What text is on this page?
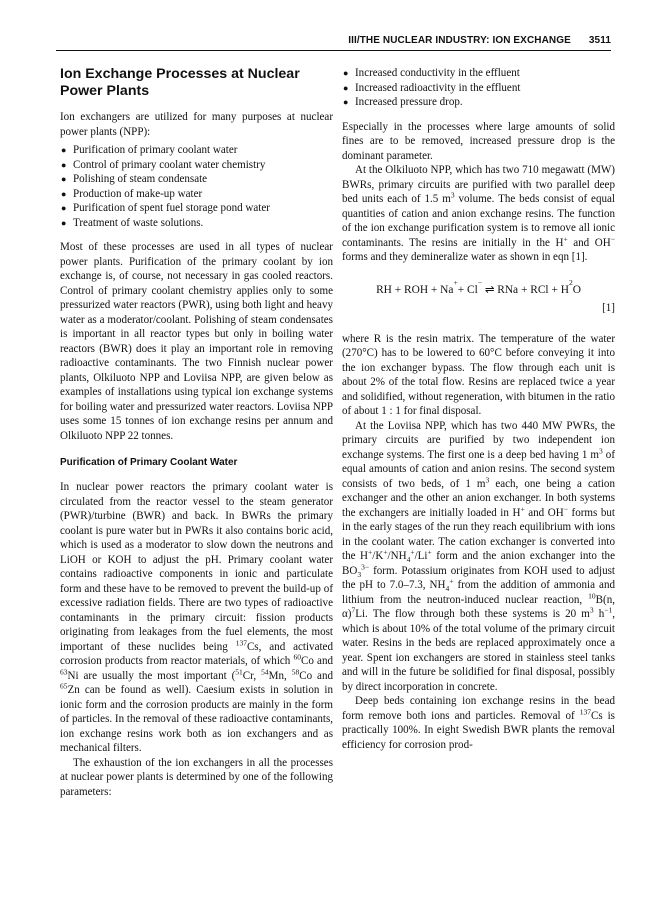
III/THE NUCLEAR INDUSTRY: ION EXCHANGE 3511
Ion Exchange Processes at Nuclear Power Plants

Ion exchangers are utilized for many purposes at nuclear power plants (NPP):

● Purification of primary coolant water
● Control of primary coolant water chemistry
● Polishing of steam condensate
● Production of make-up water
● Purification of spent fuel storage pond water
● Treatment of waste solutions.

Most of these processes are used in all types of nuclear power plants. Purification of the primary coolant by ion exchange is, of course, not necessary in gas cooled reactors. Control of primary coolant chemistry applies only to some pressurized water reactors (PWR), using both light and heavy water as a moderator/coolant. Polishing of steam condensates is important in all reactor types but only in boiling water reactors (BWR) does it play an important role in removing radioactive contaminants. The two Finnish nuclear power plants, Olkiluoto NPP and Loviisa NPP, are given below as examples of installations using typical ion exchange systems for boiling water and pressurized water reactors. Loviisa NPP uses some 15 tonnes of ion exchange resins per annum and Olkiluoto NPP 22 tonnes.

Purification of Primary Coolant Water

In nuclear power reactors the primary coolant water is circulated from the reactor vessel to the steam generator (PWR)/turbine (BWR) and back. In BWRs the primary coolant is pure water but in PWRs it also contains boric acid, which is used as a moderator to slow down the neutrons and LiOH or KOH to adjust the pH. Primary coolant water contains radioactive components in ionic and particulate form and these have to be removed to prevent the build-up of excessive radiation fields. There are two types of radioactive contaminants in the primary circuit: fission products originating from leakages from the fuel elements, the most important of these nuclides being $^{137}$Cs, and activated corrosion products from reactor materials, of which $^{60}$Co and $^{63}$Ni are usually the most important ($^{51}$Cr, $^{54}$Mn, $^{58}$Co and $^{65}$Zn can be found as well). Caesium exists in solution in ionic form and the corrosion products are mainly in the form of particles. In the removal of these radioactive contaminants, ion exchange resins work both as ion exchangers and as mechanical filters.

The exhaustion of the ion exchangers in all the processes at nuclear power plants is determined by one of the following parameters:

● Increased conductivity in the effluent
● Increased radioactivity in the effluent
● Increased pressure drop.

Especially in the processes where large amounts of solid fines are to be removed, increased pressure drop is the dominant parameter.

At the Olkiluoto NPP, which has two 710 megawatt (MW) BWRs, primary circuits are purified with two parallel deep bed units each of 1.5 $m^3$ volume. The beds consist of equal quantities of cation and anion exchange resins. The function of the ion exchange purification system is to remove all ionic contaminants. The resins are initially in the H+ and OH− forms and they demineralize water as shown in eqn [1].

RH + ROH + Na
+
+ Cl
−
⇌ RNa + RCl + H
2
O
[1]

where R is the resin matrix. The temperature of the water (270°C) has to be lowered to 60°C before conveying it into the ion exchanger bypass. The flow through each unit is about 2% of the total flow. Resins are replaced twice a year and solidified, without regeneration, with bitumen in the ratio of about 1 : 1 for final disposal.

At the Loviisa NPP, which has two 440 MW PWRs, the primary circuits are purified by two independent ion exchange systems. The first one is a deep bed having 1 $m^3$ of equal amounts of cation and anion resins. The second system consists of two beds, of 1 $m^3$ each, one being a cation exchanger and the other an anion exchanger. In both systems the exchangers are initially loaded in H+ and OH− forms but in the early stages of the run they reach equilibrium with ions in the coolant water. The cation exchanger is converted into the $H^+/K^+/NH_4^+/Li^+$ form and the anion exchanger into the $BO_3^{3-}$ form. Potassium originates from KOH used to adjust the pH to 7.0–7.3, $NH_4^+$ from the addition of ammonia and lithium from the neutron-induced nuclear reaction, $^{10}$B(n, α)$^7$Li. The flow through both these systems is 20 $m^3$ $h^{-1}$, which is about 10% of the total volume of the primary circuit water. Resins in the beds are replaced approximately once a year. Spent ion exchangers are stored in stainless steel tanks and will in the future be solidified for final disposal, possibly by direct incorporation in concrete.

Deep beds containing ion exchange resins in the bead form remove both ions and particles. Removal of $^{137}$Cs is practically 100%. In eight Swedish BWR plants the removal efficiency for corrosion prod-
